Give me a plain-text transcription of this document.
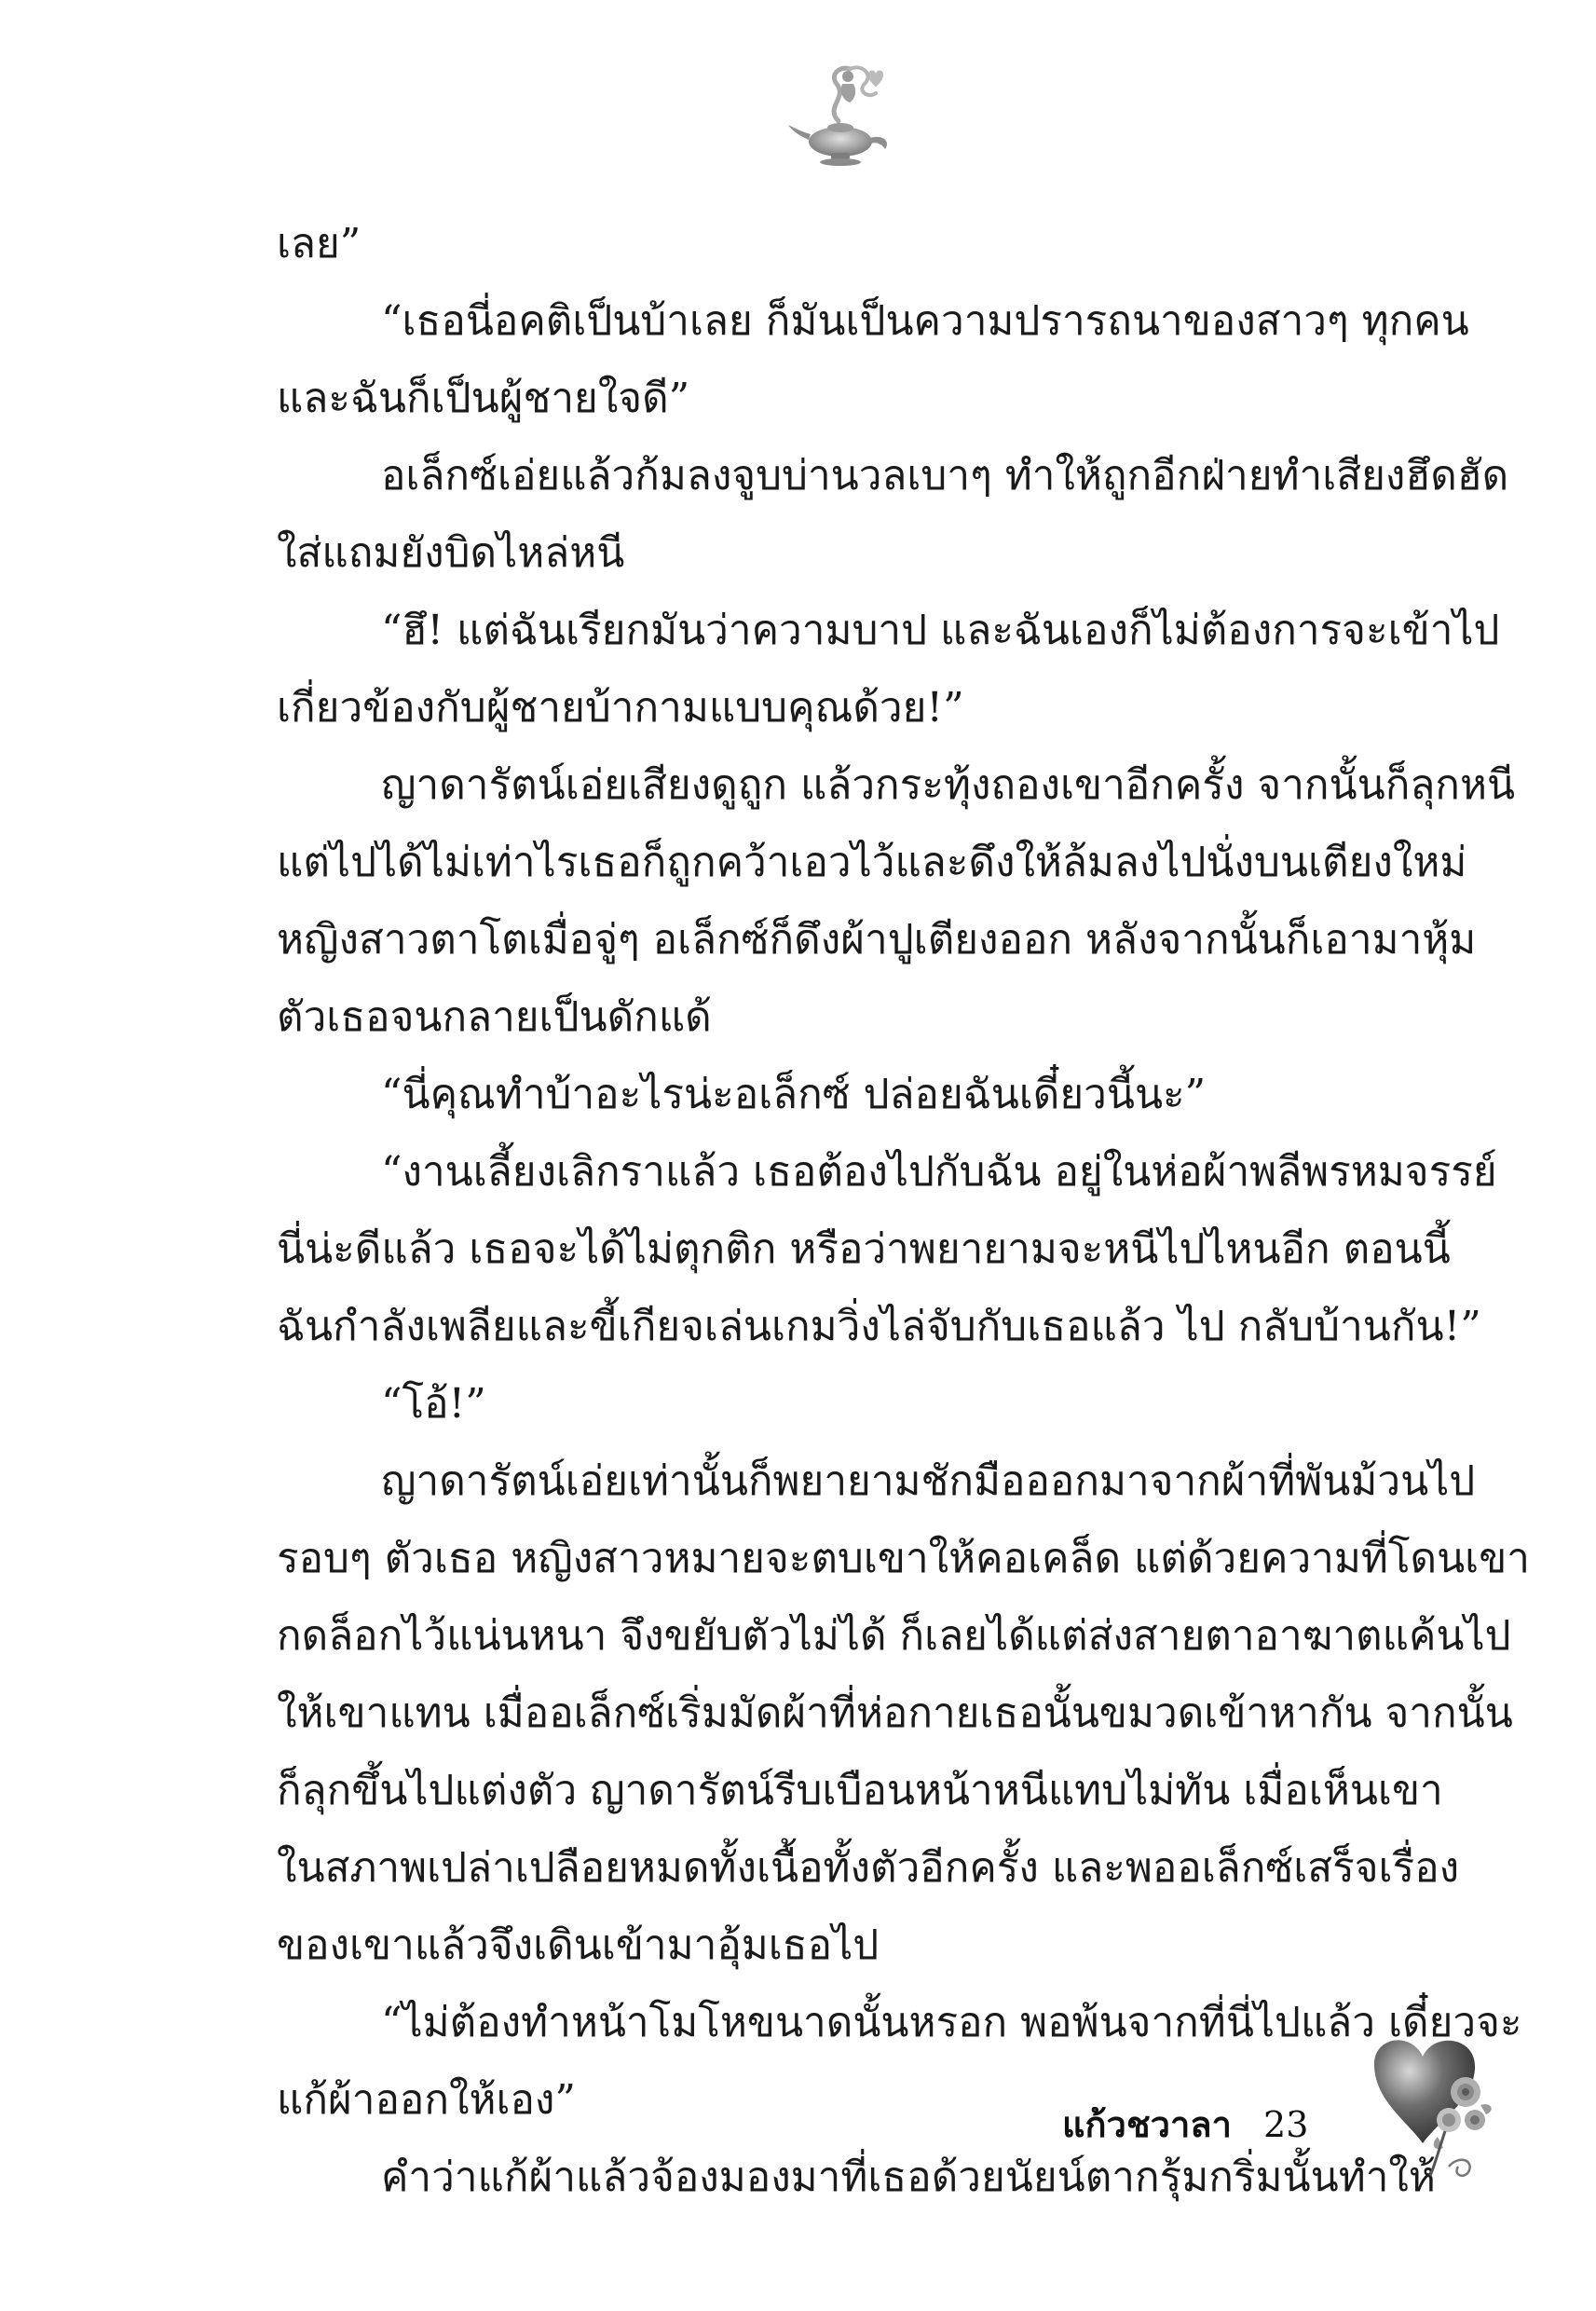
เลย”
“เธอนี่อคติเป็นบ้าเลย ก็มันเป็นความปรารถนาของสาวๆ ทุกคน
และฉันก็เป็นผู้ชายใจดี”
อเล็กซ์เอ่ยแล้วก้มลงจูบบ่านวลเบาๆ ทำให้ถูกอีกฝ่ายทำเสียงฮึดฮัด
ใส่แถมยังบิดไหล่หนี
“ฮึ! แต่ฉันเรียกมันว่าความบาป และฉันเองก็ไม่ต้องการจะเข้าไป
เกี่ยวข้องกับผู้ชายบ้ากามแบบคุณด้วย!”
ญาดารัตน์เอ่ยเสียงดูถูก แล้วกระทุ้งถองเขาอีกครั้ง จากนั้นก็ลุกหนี
แต่ไปได้ไม่เท่าไรเธอก็ถูกคว้าเอวไว้และดึงให้ล้มลงไปนั่งบนเตียงใหม่
หญิงสาวตาโตเมื่อจู่ๆ อเล็กซ์ก็ดึงผ้าปูเตียงออก หลังจากนั้นก็เอามาหุ้ม
ตัวเธอจนกลายเป็นดักแด้
“นี่คุณทำบ้าอะไรน่ะอเล็กซ์ ปล่อยฉันเดี๋ยวนี้นะ”
“งานเลี้ยงเลิกราแล้ว เธอต้องไปกับฉัน อยู่ในห่อผ้าพลีพรหมจรรย์
นี่น่ะดีแล้ว เธอจะได้ไม่ตุกติก หรือว่าพยายามจะหนีไปไหนอีก ตอนนี้
ฉันกำลังเพลียและขี้เกียจเล่นเกมวิ่งไล่จับกับเธอแล้ว ไป กลับบ้านกัน!”
“โอ้!”
ญาดารัตน์เอ่ยเท่านั้นก็พยายามชักมือออกมาจากผ้าที่พันม้วนไป
รอบๆ ตัวเธอ หญิงสาวหมายจะตบเขาให้คอเคล็ด แต่ด้วยความที่โดนเขา
กดล็อกไว้แน่นหนา จึงขยับตัวไม่ได้ ก็เลยได้แต่ส่งสายตาอาฆาตแค้นไป
ให้เขาแทน เมื่ออเล็กซ์เริ่มมัดผ้าที่ห่อกายเธอนั้นขมวดเข้าหากัน จากนั้น
ก็ลุกขึ้นไปแต่งตัว ญาดารัตน์รีบเบือนหน้าหนีแทบไม่ทัน เมื่อเห็นเขา
ในสภาพเปล่าเปลือยหมดทั้งเนื้อทั้งตัวอีกครั้ง และพออเล็กซ์เสร็จเรื่อง
ของเขาแล้วจึงเดินเข้ามาอุ้มเธอไป
“ไม่ต้องทำหน้าโมโหขนาดนั้นหรอก พอพ้นจากที่นี่ไปแล้ว เดี๋ยวจะ
แก้ผ้าออกให้เอง”
คำว่าแก้ผ้าแล้วจ้องมองมาที่เธอด้วยนัยน์ตากรุ้มกริ่มนั้นทำให้
แก้วชวาลา 23
